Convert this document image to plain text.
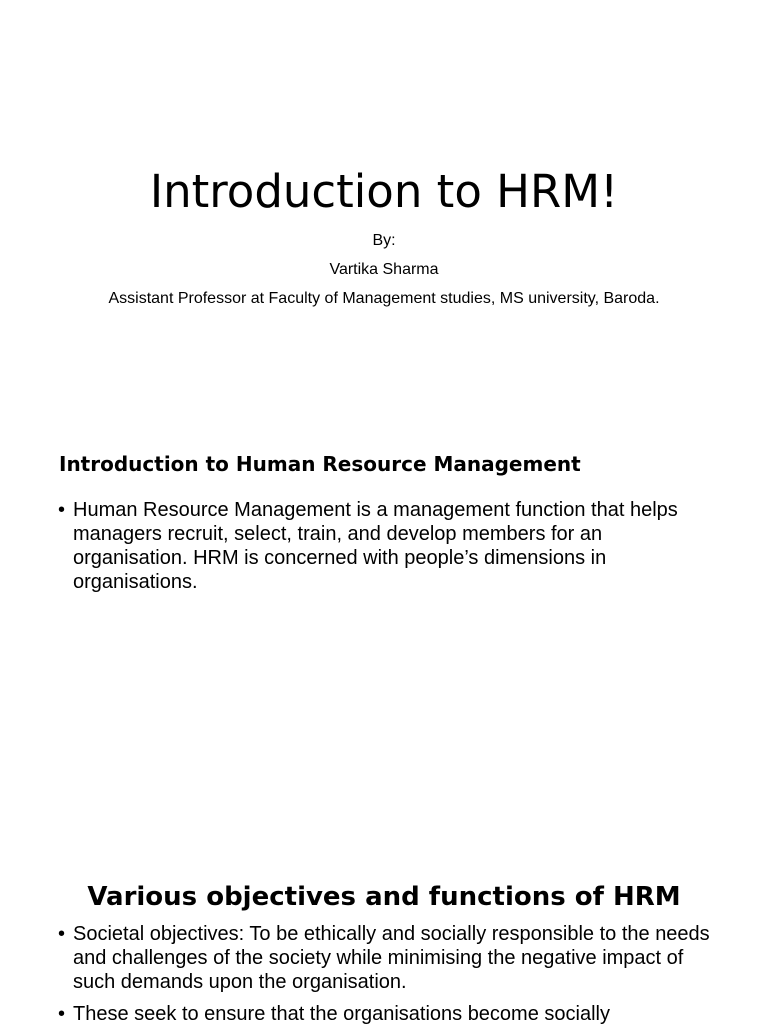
Introduction to HRM!
By:
Vartika Sharma
Assistant Professor at Faculty of Management studies, MS university, Baroda.
Introduction to Human Resource Management
• Human Resource Management is a management function that helps managers recruit, select, train, and develop members for an organisation. HRM is concerned with people’s dimensions in organisations.
Various objectives and functions of HRM
• Societal objectives: To be ethically and socially responsible to the needs and challenges of the society while minimising the negative impact of such demands upon the organisation.
• These seek to ensure that the organisations become socially
